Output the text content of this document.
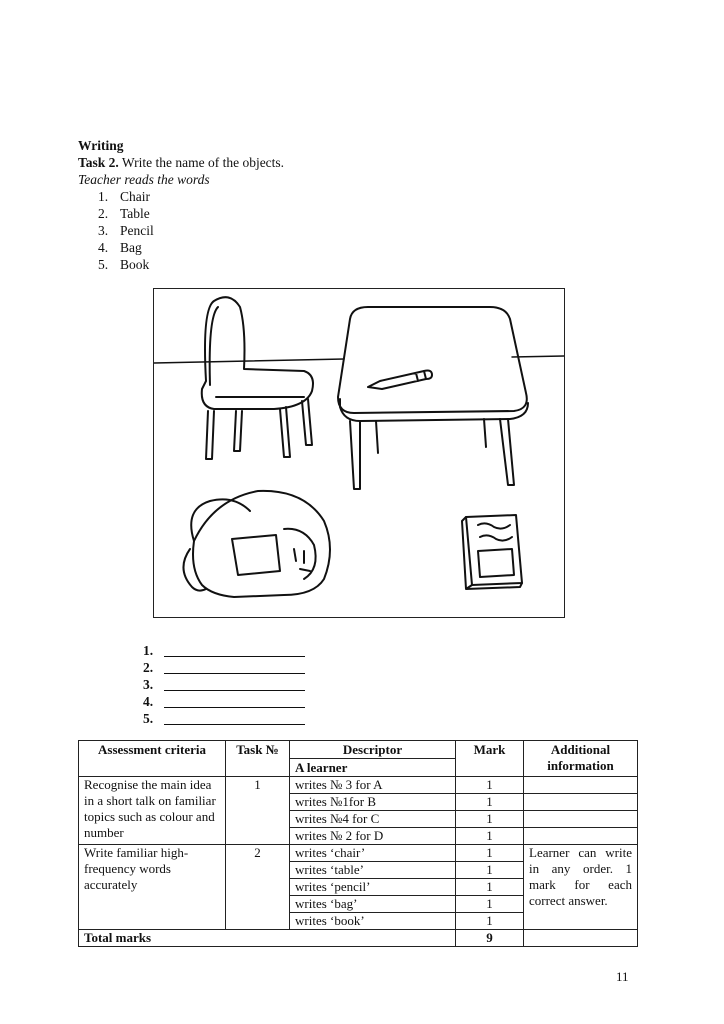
Writing
Task 2. Write the name of the objects.
Teacher reads the words
1. Chair
2. Table
3. Pencil
4. Bag
5. Book
1.
2.
3.
4.
5.
Assessment criteria	Task №	Descriptor	Mark	Additional information
		A learner		
Recognise the main idea in a short talk on familiar topics such as colour and number	1	writes № 3 for A	1	
		writes №1for B	1	
		writes №4 for C	1	
		writes № 2 for D	1	
Write familiar high-frequency words accurately	2	writes ‘chair’	1	Learner can write in any order. 1 mark for each correct answer.
		writes ‘table’	1	
		writes ‘pencil’	1	
		writes ‘bag’	1	
		writes ‘book’	1	
Total marks			9	
11
